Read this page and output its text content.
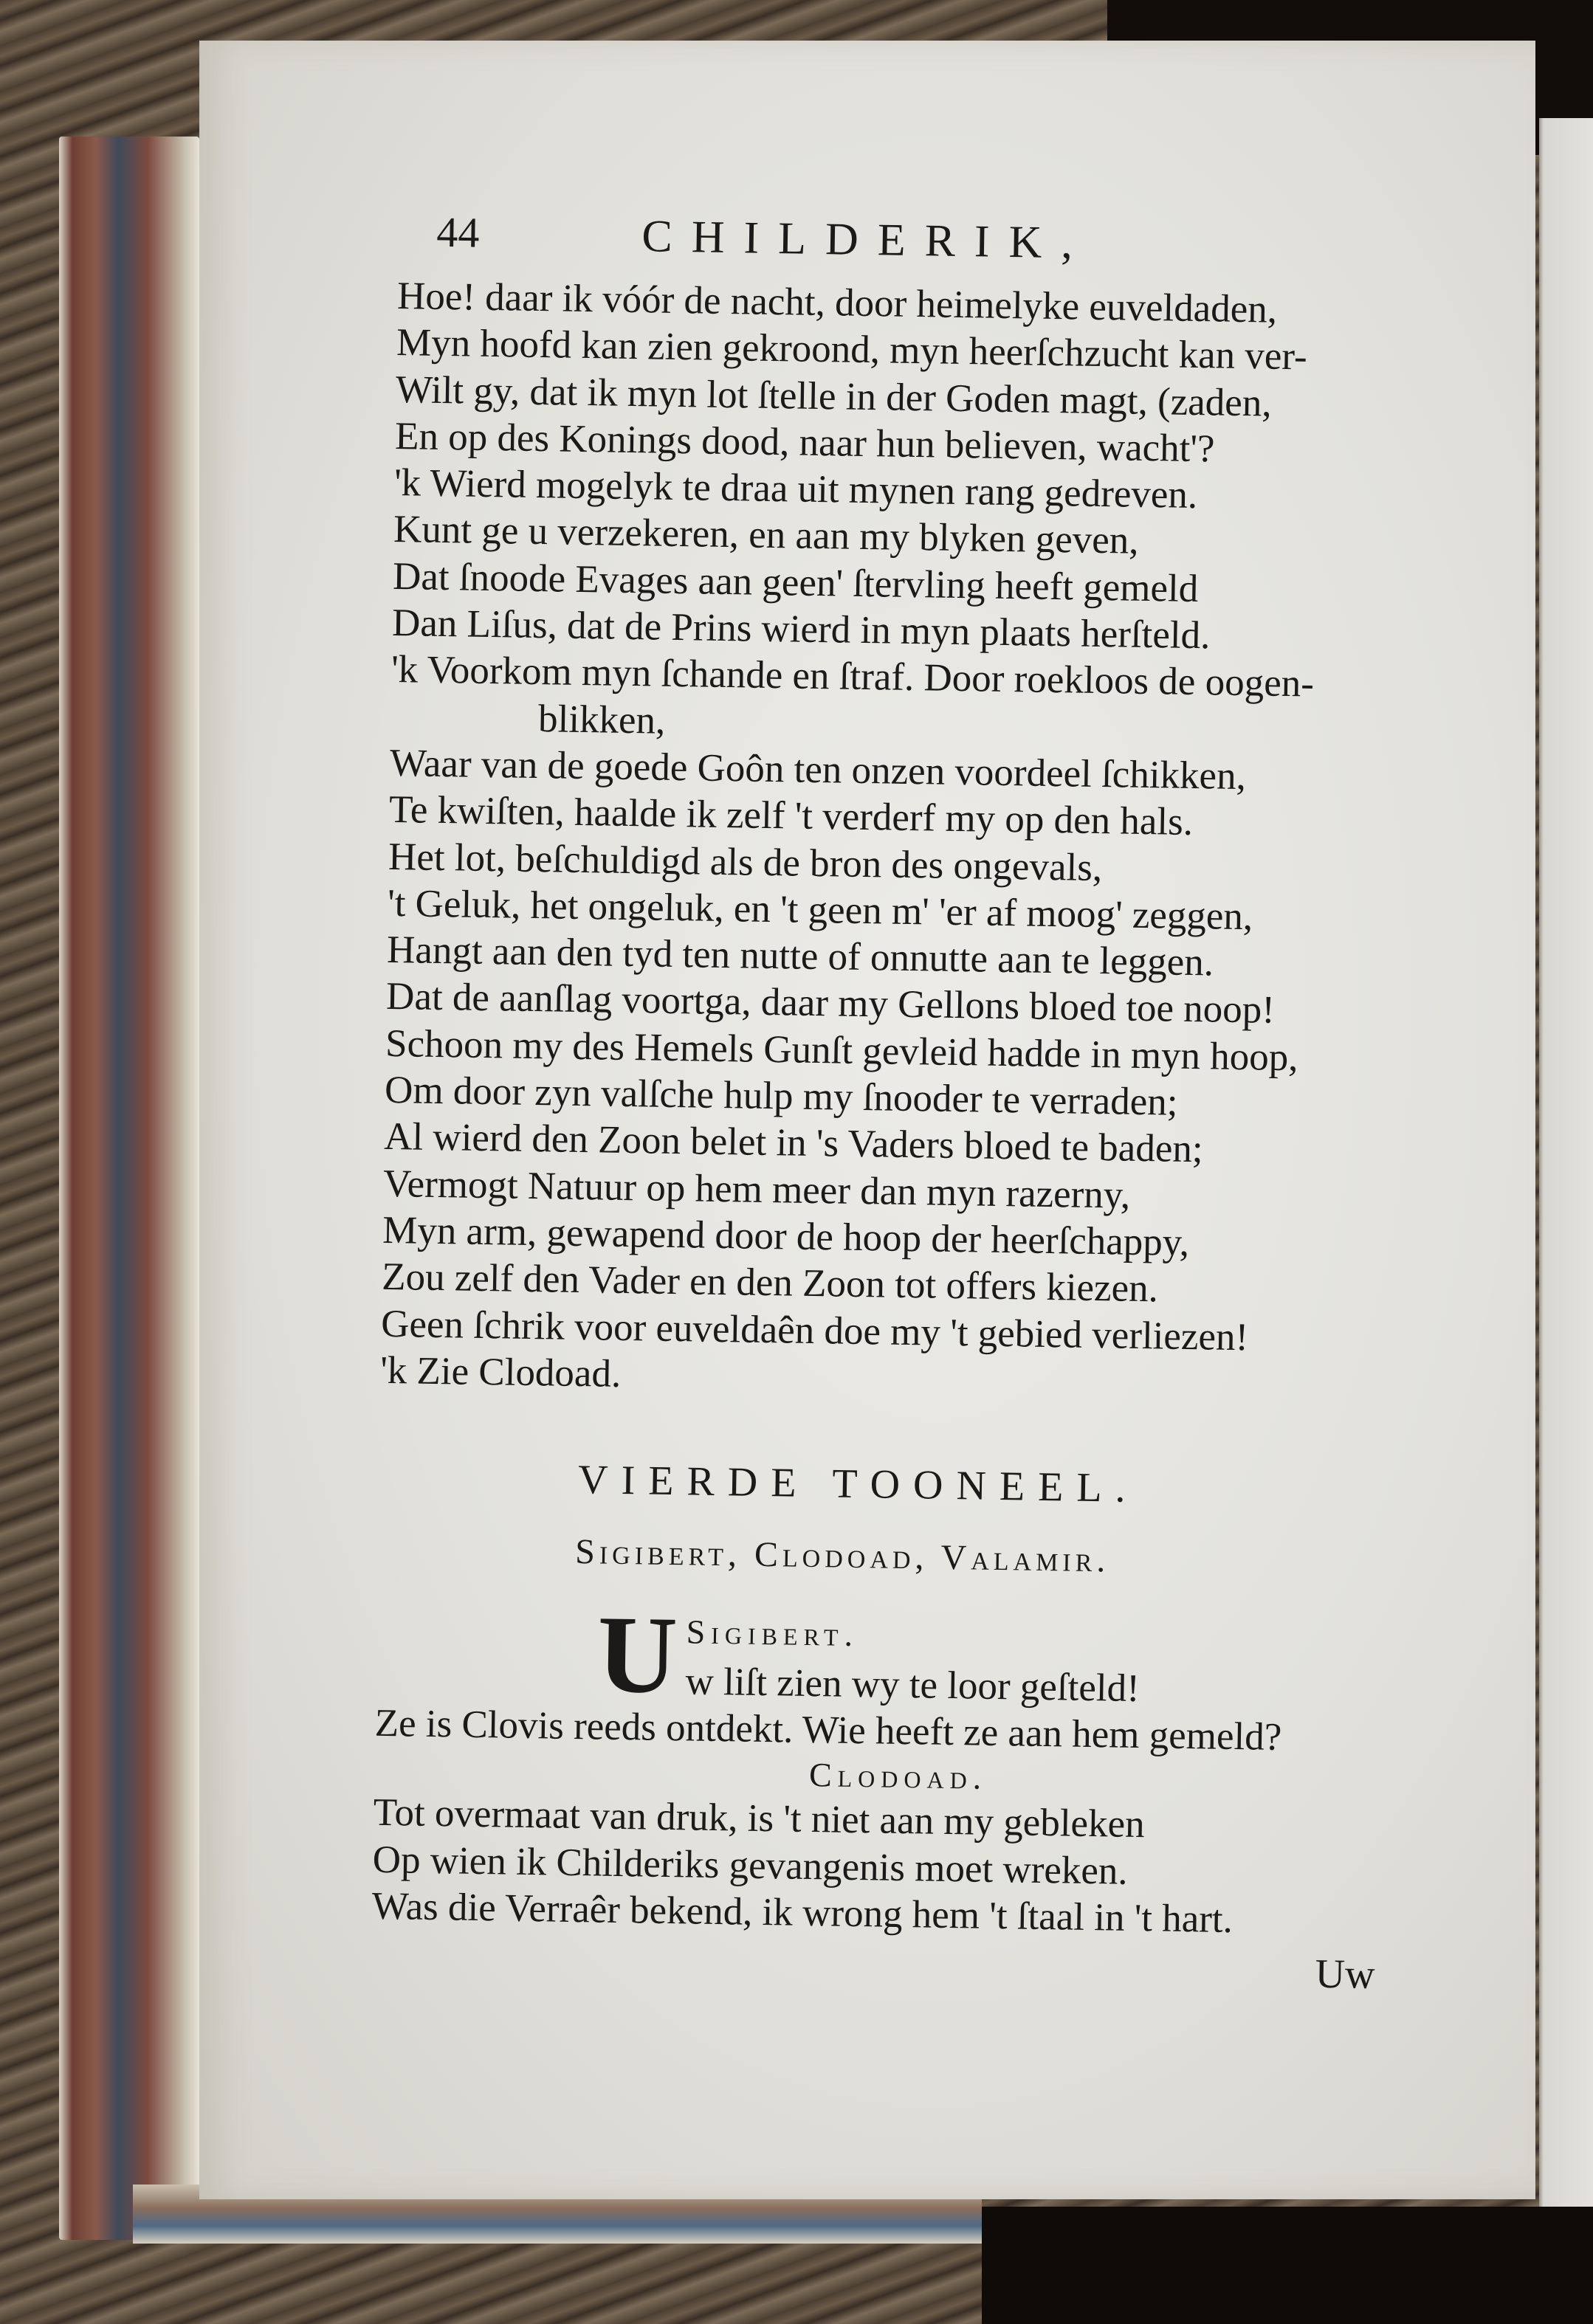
44	CHILDERIK,

Hoe! daar ik vóór de nacht, door heimelyke euveldaden,

Myn hoofd kan zien gekroond, myn heerſchzucht kan ver-

Wilt gy, dat ik myn lot ſtelle in der Goden magt, (zaden,

En op des Konings dood, naar hun believen, wacht'?

'k Wierd mogelyk te draa uit mynen rang gedreven.

Kunt ge u verzekeren, en aan my blyken geven,

Dat ſnoode Evages aan geen' ſtervling heeft gemeld

Dan Liſus, dat de Prins wierd in myn plaats herſteld.

'k Voorkom myn ſchande en ſtraf. Door roekloos de oogen-

blikken,

Waar van de goede Goôn ten onzen voordeel ſchikken,

Te kwiſten, haalde ik zelf 't verderf my op den hals.

Het lot, beſchuldigd als de bron des ongevals,

't Geluk, het ongeluk, en 't geen m' 'er af moog' zeggen,

Hangt aan den tyd ten nutte of onnutte aan te leggen.

Dat de aanſlag voortga, daar my Gellons bloed toe noop!

Schoon my des Hemels Gunſt gevleid hadde in myn hoop,

Om door zyn valſche hulp my ſnooder te verraden;

Al wierd den Zoon belet in 's Vaders bloed te baden;

Vermogt Natuur op hem meer dan myn razerny,

Myn arm, gewapend door de hoop der heerſchappy,

Zou zelf den Vader en den Zoon tot offers kiezen.

Geen ſchrik voor euveldaên doe my 't gebied verliezen!

'k Zie Clodoad.

VIERDE TOONEEL.
Sigibert, Clodoad, Valamir.
U Sigibert.
w liſt zien wy te loor geſteld!

Ze is Clovis reeds ontdekt. Wie heeft ze aan hem gemeld?

Clodoad.

Tot overmaat van druk, is 't niet aan my gebleken

Op wien ik Childeriks gevangenis moet wreken.

Was die Verraêr bekend, ik wrong hem 't ſtaal in 't hart.

Uw
